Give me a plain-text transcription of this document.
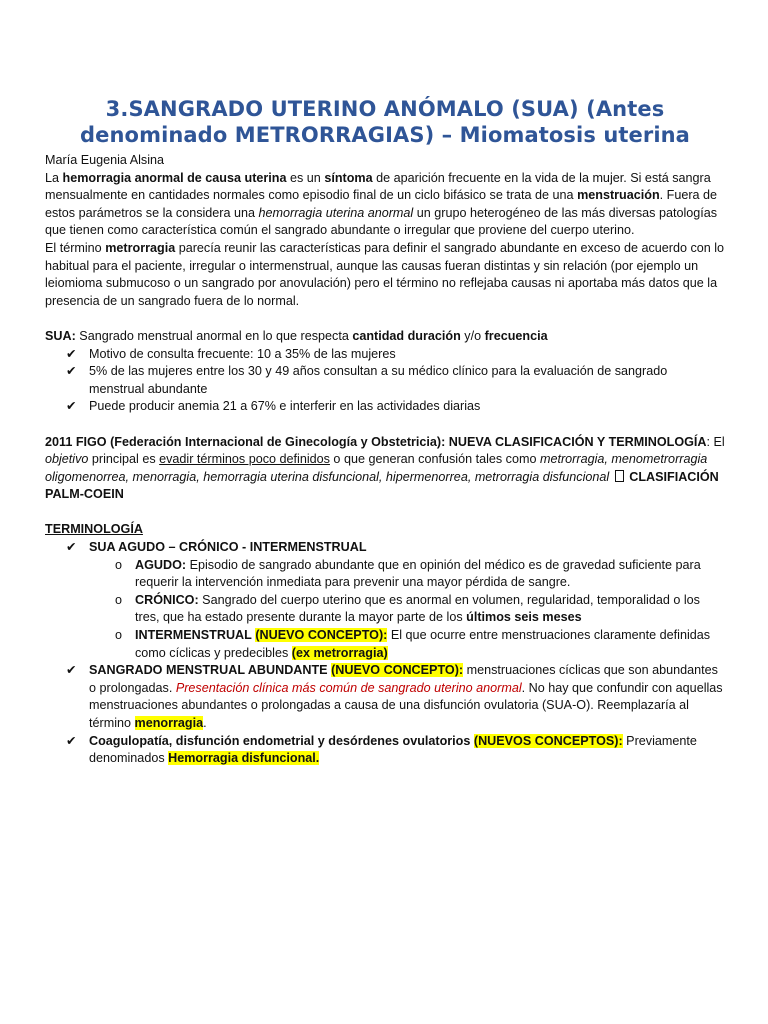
3.SANGRADO UTERINO ANÓMALO (SUA) (Antes denominado METRORRAGIAS) – Miomatosis uterina

María Eugenia Alsina

La hemorragia anormal de causa uterina es un síntoma de aparición frecuente en la vida de la mujer. Si está sangra mensualmente en cantidades normales como episodio final de un ciclo bifásico se trata de una menstruación. Fuera de estos parámetros se la considera una hemorragia uterina anormal un grupo heterogéneo de las más diversas patologías que tienen como característica común el sangrado abundante o irregular que proviene del cuerpo uterino.

El término metrorragia parecía reunir las características para definir el sangrado abundante en exceso de acuerdo con lo habitual para el paciente, irregular o intermenstrual, aunque las causas fueran distintas y sin relación (por ejemplo un leiomioma submucoso o un sangrado por anovulación) pero el término no reflejaba causas ni aportaba más datos que la presencia de un sangrado fuera de lo normal.

SUA: Sangrado menstrual anormal en lo que respecta cantidad duración y/o frecuencia

✔ Motivo de consulta frecuente: 10 a 35% de las mujeres
✔ 5% de las mujeres entre los 30 y 49 años consultan a su médico clínico para la evaluación de sangrado menstrual abundante
✔ Puede producir anemia 21 a 67% e interferir en las actividades diarias

2011 FIGO (Federación Internacional de Ginecología y Obstetricia): NUEVA CLASIFICACIÓN Y TERMINOLOGÍA: El objetivo principal es evadir términos poco definidos o que generan confusión tales como metrorragia, menometrorragia oligomenorrea, menorragia, hemorragia uterina disfuncional, hipermenorrea, metrorragia disfuncional CLASIFIACIÓN PALM-COEIN

TERMINOLOGÍA

✔ SUA AGUDO – CRÓNICO - INTERMENSTRUAL
o AGUDO: Episodio de sangrado abundante que en opinión del médico es de gravedad suficiente para requerir la intervención inmediata para prevenir una mayor pérdida de sangre.
o CRÓNICO: Sangrado del cuerpo uterino que es anormal en volumen, regularidad, temporalidad o los tres, que ha estado presente durante la mayor parte de los últimos seis meses
o INTERMENSTRUAL (NUEVO CONCEPTO): El que ocurre entre menstruaciones claramente definidas como cíclicas y predecibles (ex metrorragia)
✔ SANGRADO MENSTRUAL ABUNDANTE (NUEVO CONCEPTO): menstruaciones cíclicas que son abundantes o prolongadas. Presentación clínica más común de sangrado uterino anormal. No hay que confundir con aquellas menstruaciones abundantes o prolongadas a causa de una disfunción ovulatoria (SUA-O). Reemplazaría al término menorragia.
✔ Coagulopatía, disfunción endometrial y desórdenes ovulatorios (NUEVOS CONCEPTOS): Previamente denominados Hemorragia disfuncional.
